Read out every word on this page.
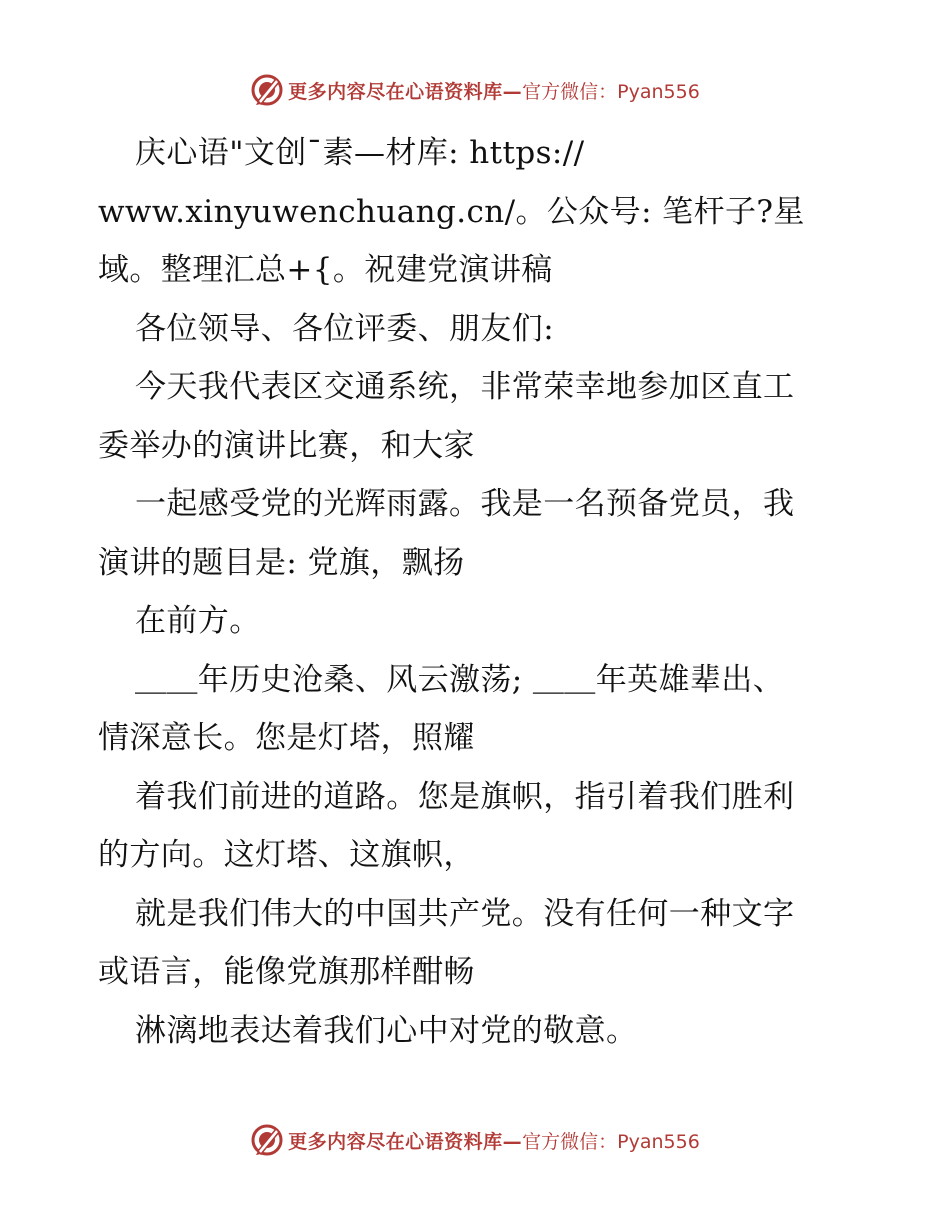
更多内容尽在心语资料库— 官方微信：Pyan556
庆心语"文创¯素—材库: https://
www.xinyuwenchuang.cn/。公众号: 笔杆子?星
域。整理汇总+{。祝建党演讲稿
各位领导、各位评委、朋友们:
今天我代表区交通系统，非常荣幸地参加区直工
委举办的演讲比赛，和大家
一起感受党的光辉雨露。我是一名预备党员，我
演讲的题目是: 党旗，飘扬
在前方。
＿＿年历史沧桑、风云激荡; ＿＿年英雄辈出、
情深意长。您是灯塔，照耀
着我们前进的道路。您是旗帜，指引着我们胜利
的方向。这灯塔、这旗帜，
就是我们伟大的中国共产党。没有任何一种文字
或语言，能像党旗那样酣畅
淋漓地表达着我们心中对党的敬意。
更多内容尽在心语资料库— 官方微信：Pyan556
